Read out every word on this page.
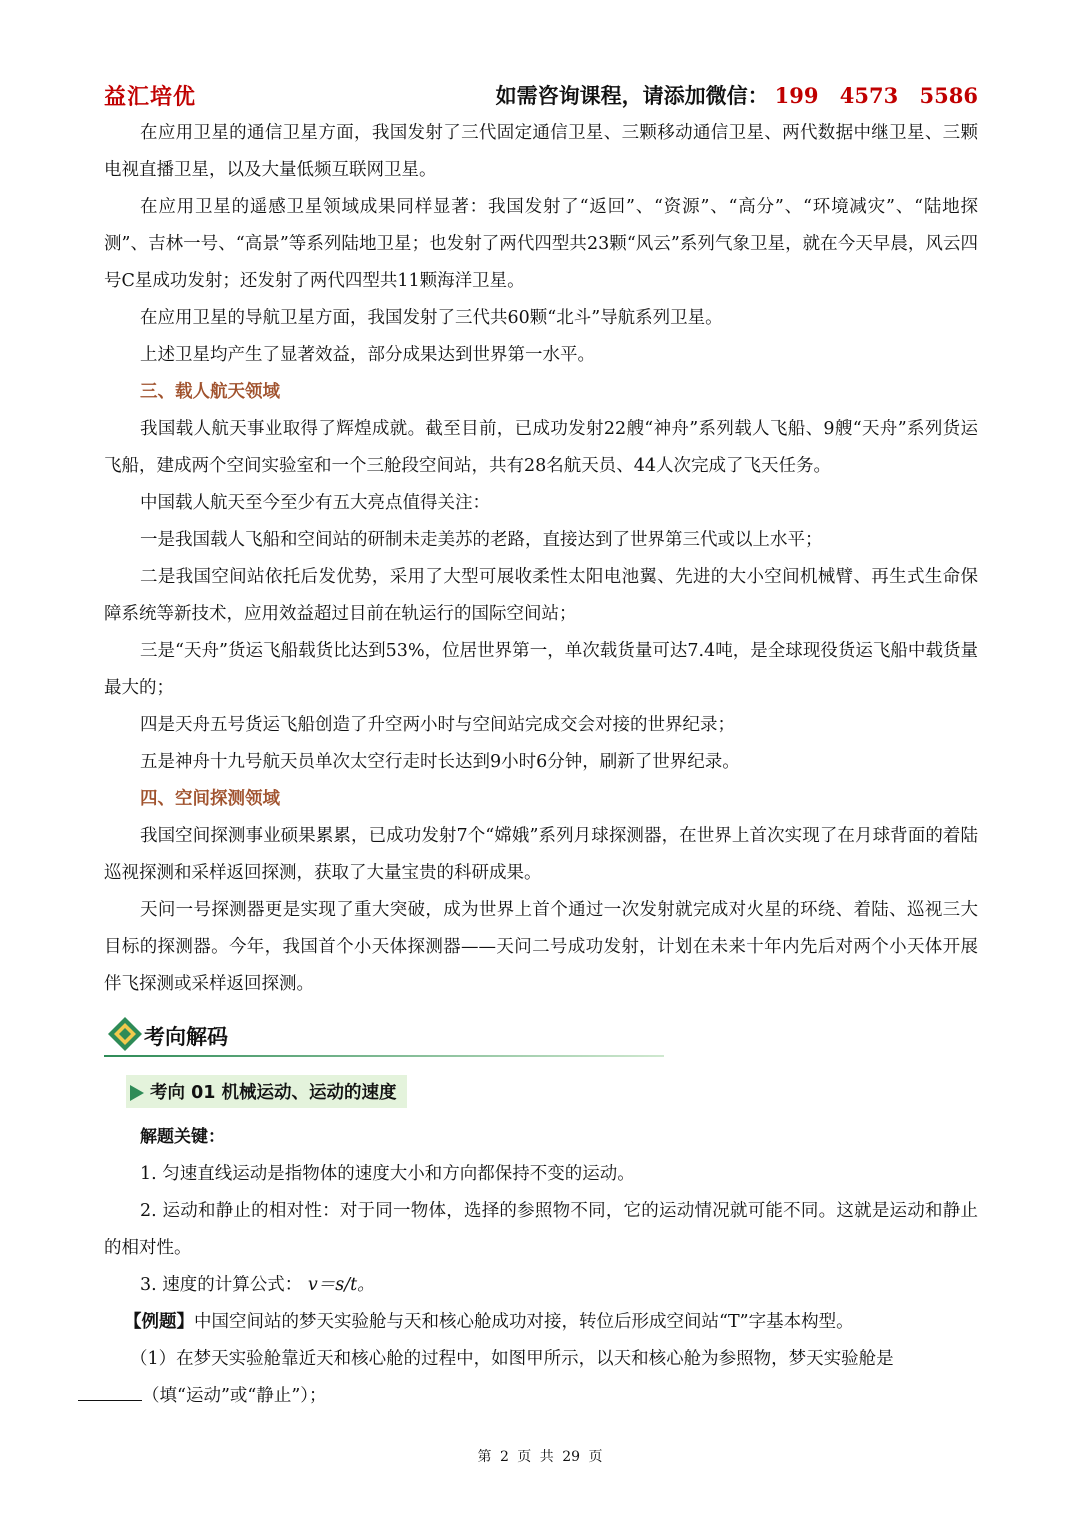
益汇培优	如需咨询课程，请添加微信： 199 4573 5586

在应用卫星的通信卫星方面，我国发射了三代固定通信卫星、三颗移动通信卫星、两代数据中继卫星、三颗电视直播卫星，以及大量低频互联网卫星。

在应用卫星的遥感卫星领域成果同样显著：我国发射了“返回”、“资源”、“高分”、“环境减灾”、“陆地探测”、吉林一号、“高景”等系列陆地卫星；也发射了两代四型共23颗“风云”系列气象卫星，就在今天早晨，风云四号C星成功发射；还发射了两代四型共11颗海洋卫星。

在应用卫星的导航卫星方面，我国发射了三代共60颗“北斗”导航系列卫星。

上述卫星均产生了显著效益，部分成果达到世界第一水平。

三、载人航天领域

我国载人航天事业取得了辉煌成就。截至目前，已成功发射22艘“神舟”系列载人飞船、9艘“天舟”系列货运飞船，建成两个空间实验室和一个三舱段空间站，共有28名航天员、44人次完成了飞天任务。

中国载人航天至今至少有五大亮点值得关注：

一是我国载人飞船和空间站的研制未走美苏的老路，直接达到了世界第三代或以上水平；

二是我国空间站依托后发优势，采用了大型可展收柔性太阳电池翼、先进的大小空间机械臂、再生式生命保障系统等新技术，应用效益超过目前在轨运行的国际空间站；

三是“天舟”货运飞船载货比达到53%，位居世界第一，单次载货量可达7.4吨，是全球现役货运飞船中载货量最大的；

四是天舟五号货运飞船创造了升空两小时与空间站完成交会对接的世界纪录；

五是神舟十九号航天员单次太空行走时长达到9小时6分钟，刷新了世界纪录。

四、空间探测领域

我国空间探测事业硕果累累，已成功发射7个“嫦娥”系列月球探测器，在世界上首次实现了在月球背面的着陆巡视探测和采样返回探测，获取了大量宝贵的科研成果。

天问一号探测器更是实现了重大突破，成为世界上首个通过一次发射就完成对火星的环绕、着陆、巡视三大目标的探测器。今年，我国首个小天体探测器——天问二号成功发射，计划在未来十年内先后对两个小天体开展伴飞探测或采样返回探测。

考向解码
考向 01 机械运动、运动的速度

解题关键：

1. 匀速直线运动是指物体的速度大小和方向都保持不变的运动。

2. 运动和静止的相对性：对于同一物体，选择的参照物不同，它的运动情况就可能不同。这就是运动和静止的相对性。

3. 速度的计算公式： v＝s/t。

【例题】中国空间站的梦天实验舱与天和核心舱成功对接，转位后形成空间站“T”字基本构型。

（1）在梦天实验舱靠近天和核心舱的过程中，如图甲所示，以天和核心舱为参照物，梦天实验舱是
（填“运动”或“静止”）；

第 2 页 共 29 页
